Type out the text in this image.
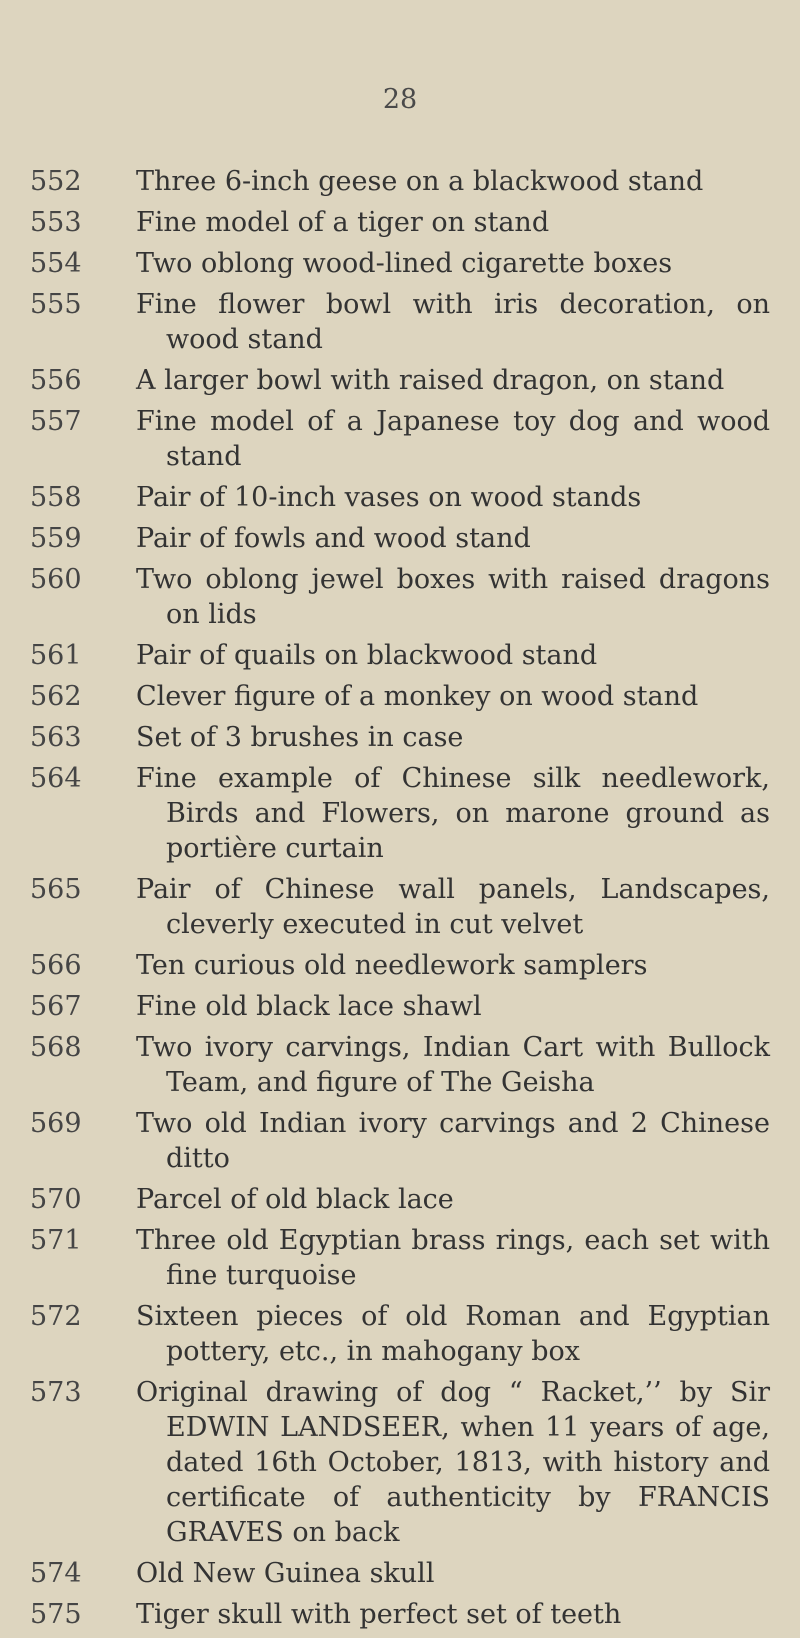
28
552	Three 6-inch geese on a blackwood stand
553	Fine model of a tiger on stand
554	Two oblong wood-lined cigarette boxes
555	Fine flower bowl with iris decoration, on wood stand
556	A larger bowl with raised dragon, on stand
557	Fine model of a Japanese toy dog and wood stand
558	Pair of 10-inch vases on wood stands
559	Pair of fowls and wood stand
560	Two oblong jewel boxes with raised dragons on lids
561	Pair of quails on blackwood stand
562	Clever figure of a monkey on wood stand
563	Set of 3 brushes in case
564	Fine example of Chinese silk needlework, Birds and Flowers, on marone ground as portière curtain
565	Pair of Chinese wall panels, Landscapes, cleverly executed in cut velvet
566	Ten curious old needlework samplers
567	Fine old black lace shawl
568	Two ivory carvings, Indian Cart with Bullock Team, and figure of The Geisha
569	Two old Indian ivory carvings and 2 Chinese ditto
570	Parcel of old black lace
571	Three old Egyptian brass rings, each set with fine turquoise
572	Sixteen pieces of old Roman and Egyptian pottery, etc., in mahogany box
573	Original drawing of dog “ Racket,’’ by Sir EDWIN LANDSEER, when 11 years of age, dated 16th October, 1813, with history and certificate of authenticity by FRANCIS GRAVES on back
574	Old New Guinea skull
575	Tiger skull with perfect set of teeth
